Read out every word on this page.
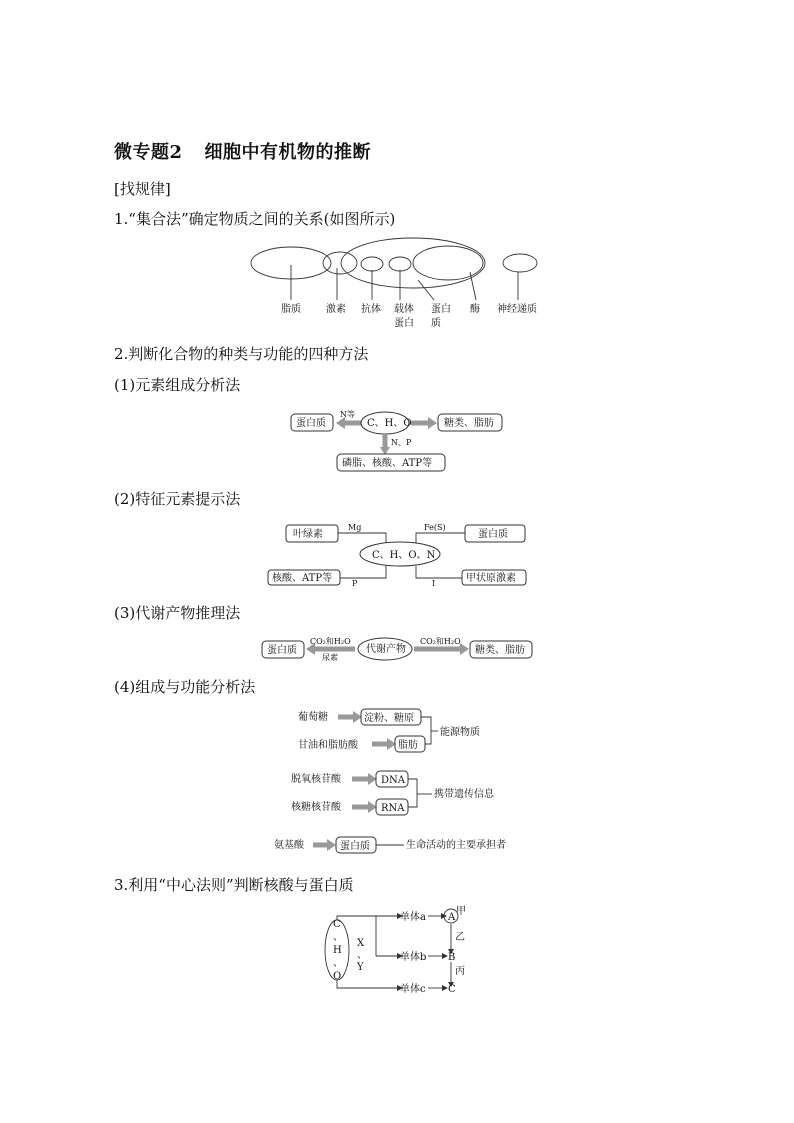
微专题2 细胞中有机物的推断
[找规律]
1.“集合法”确定物质之间的关系(如图所示)
脂质	激素 抗体 载体
蛋白
蛋白
质
酶 神经递质
蛋白质
N等
C、H、O	糖类、脂肪
N、P
磷脂、核酸、ATP等
叶绿素	蛋白质
核酸、ATP等	甲状原激素
C、H、O、N
Mg	Fe(S)
P	I
蛋白质
CO₂和H₂O
尿素
代谢产物
CO₂和H₂O
糖类、脂肪
葡萄糖	淀粉、糖原
甘油和脂肪酸	脂肪
能源物质
脱氧核苷酸	DNA
核糖核苷酸	RNA
携带遗传信息
氨基酸	蛋白质	生命活动的主要承担者
C
、
H
、
O
X
、
Y
单体a
单体b
单体c
A
甲
乙
B
丙
C
2.判断化合物的种类与功能的四种方法
(1)元素组成分析法
(2)特征元素提示法
(3)代谢产物推理法
(4)组成与功能分析法
3.利用“中心法则”判断核酸与蛋白质
